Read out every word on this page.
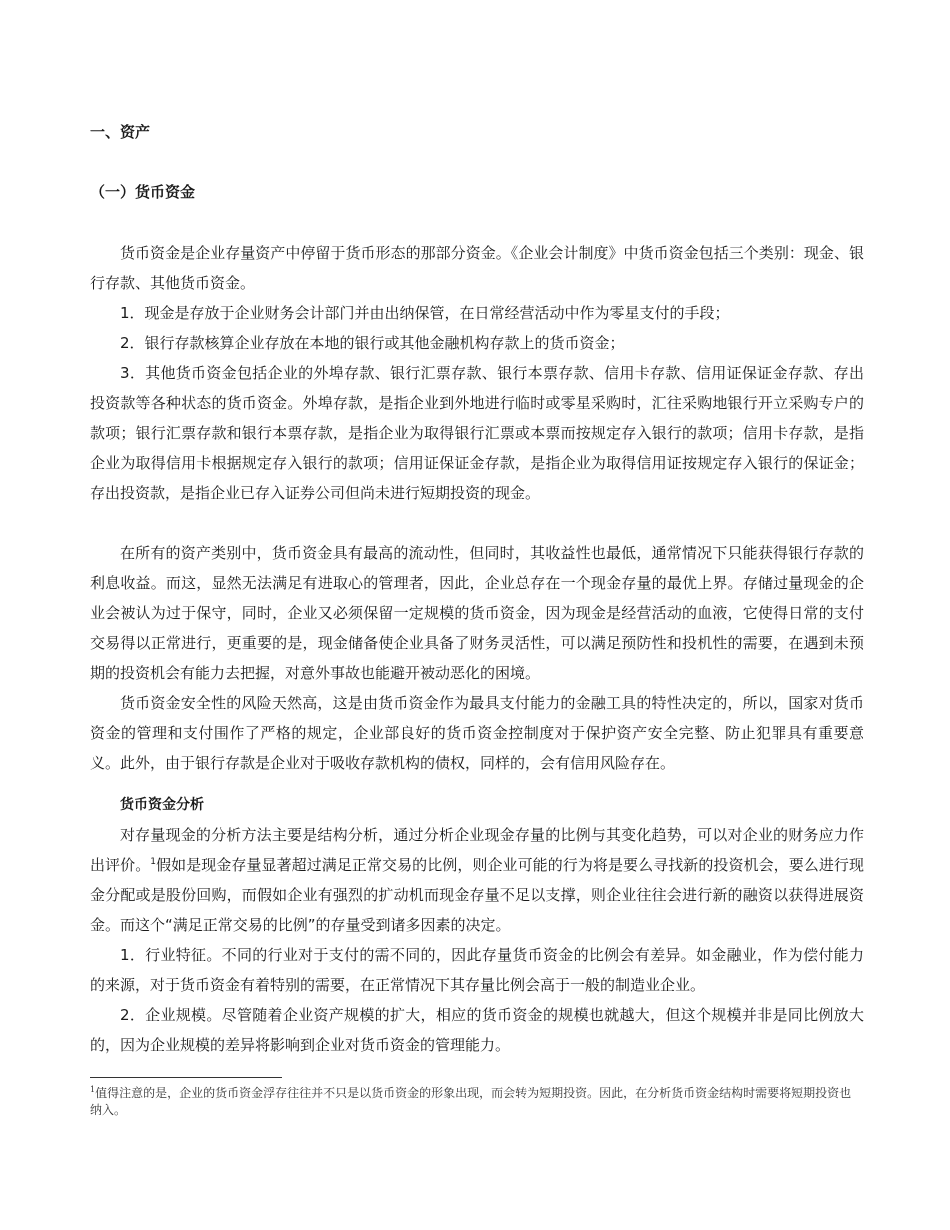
一、资产
（一）货币资金

货币资金是企业存量资产中停留于货币形态的那部分资金。《企业会计制度》中货币资金包括三个类别：现金、银行存款、其他货币资金。

1．现金是存放于企业财务会计部门并由出纳保管，在日常经营活动中作为零星支付的手段；

2．银行存款核算企业存放在本地的银行或其他金融机构存款上的货币资金；

3．其他货币资金包括企业的外埠存款、银行汇票存款、银行本票存款、信用卡存款、信用证保证金存款、存出投资款等各种状态的货币资金。外埠存款，是指企业到外地进行临时或零星采购时，汇往采购地银行开立采购专户的款项；银行汇票存款和银行本票存款，是指企业为取得银行汇票或本票而按规定存入银行的款项；信用卡存款，是指企业为取得信用卡根据规定存入银行的款项；信用证保证金存款，是指企业为取得信用证按规定存入银行的保证金；存出投资款，是指企业已存入证券公司但尚未进行短期投资的现金。

在所有的资产类别中，货币资金具有最高的流动性，但同时，其收益性也最低，通常情况下只能获得银行存款的利息收益。而这，显然无法满足有进取心的管理者，因此，企业总存在一个现金存量的最优上界。存储过量现金的企业会被认为过于保守，同时，企业又必须保留一定规模的货币资金，因为现金是经营活动的血液，它使得日常的支付交易得以正常进行，更重要的是，现金储备使企业具备了财务灵活性，可以满足预防性和投机性的需要，在遇到未预期的投资机会有能力去把握，对意外事故也能避开被动恶化的困境。

货币资金安全性的风险天然高，这是由货币资金作为最具支付能力的金融工具的特性决定的，所以，国家对货币资金的管理和支付围作了严格的规定，企业部良好的货币资金控制度对于保护资产安全完整、防止犯罪具有重要意义。此外，由于银行存款是企业对于吸收存款机构的债权，同样的，会有信用风险存在。

货币资金分析

对存量现金的分析方法主要是结构分析，通过分析企业现金存量的比例与其变化趋势，可以对企业的财务应力作出评价。$^1$假如是现金存量显著超过满足正常交易的比例，则企业可能的行为将是要么寻找新的投资机会，要么进行现金分配或是股份回购，而假如企业有强烈的扩动机而现金存量不足以支撑，则企业往往会进行新的融资以获得进展资金。而这个“满足正常交易的比例”的存量受到诸多因素的决定。

1．行业特征。不同的行业对于支付的需不同的，因此存量货币资金的比例会有差异。如金融业，作为偿付能力的来源，对于货币资金有着特别的需要，在正常情况下其存量比例会高于一般的制造业企业。

2．企业规模。尽管随着企业资产规模的扩大，相应的货币资金的规模也就越大，但这个规模并非是同比例放大的，因为企业规模的差异将影响到企业对货币资金的管理能力。

$^1$值得注意的是，企业的货币资金浮存往往并不只是以货币资金的形象出现，而会转为短期投资。因此，在分析货币资金结构时需要将短期投资也纳入。
